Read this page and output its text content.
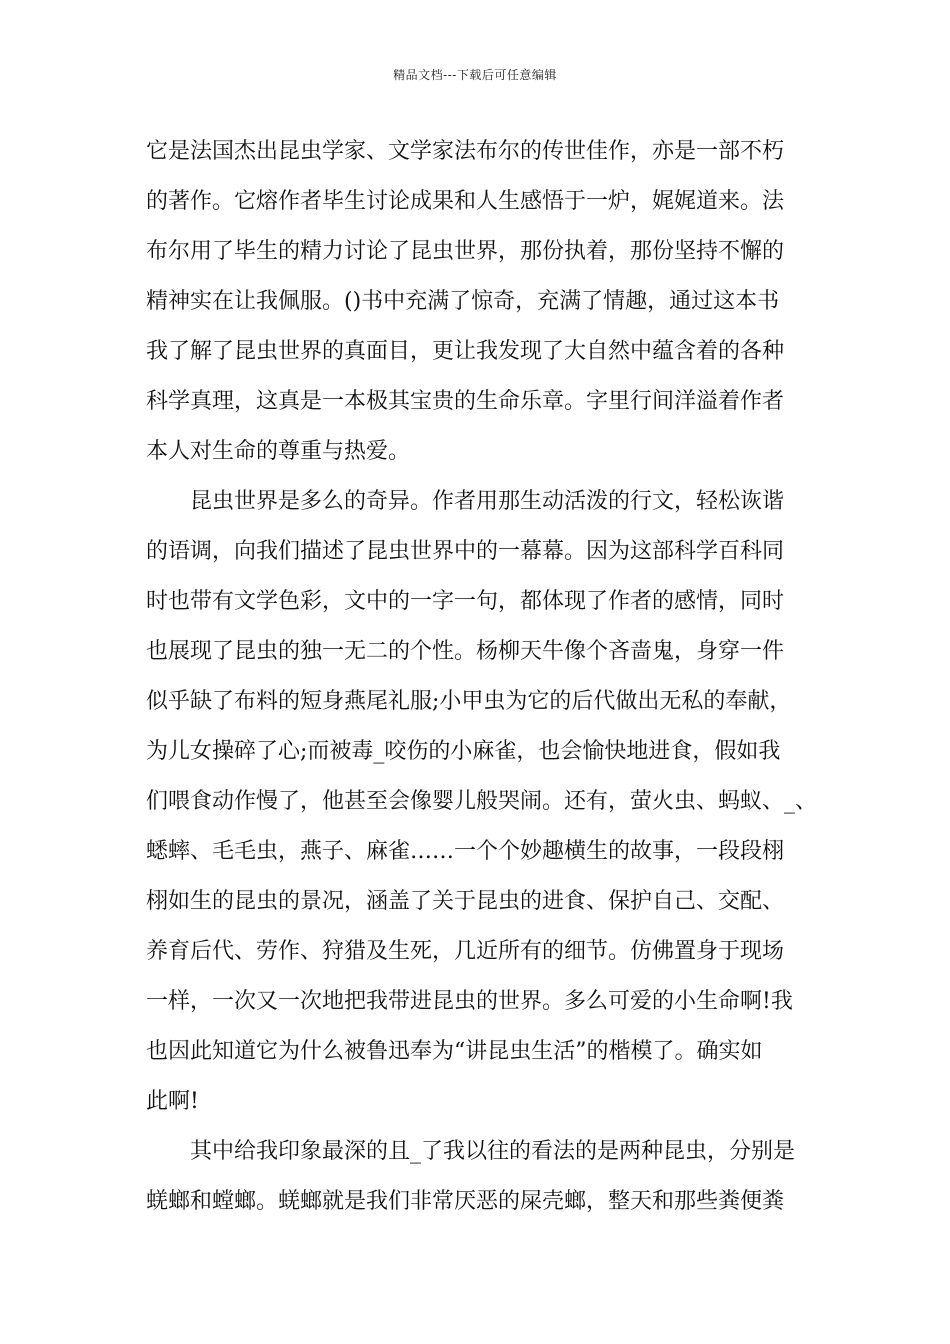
精品文档---下载后可任意编辑
它是法国杰出昆虫学家、文学家法布尔的传世佳作，亦是一部不朽
的著作。它熔作者毕生讨论成果和人生感悟于一炉，娓娓道来。法
布尔用了毕生的精力讨论了昆虫世界，那份执着，那份坚持不懈的
精神实在让我佩服。()书中充满了惊奇，充满了情趣，通过这本书
我了解了昆虫世界的真面目，更让我发现了大自然中蕴含着的各种
科学真理，这真是一本极其宝贵的生命乐章。字里行间洋溢着作者
本人对生命的尊重与热爱。
　　昆虫世界是多么的奇异。作者用那生动活泼的行文，轻松诙谐
的语调，向我们描述了昆虫世界中的一幕幕。因为这部科学百科同
时也带有文学色彩，文中的一字一句，都体现了作者的感情，同时
也展现了昆虫的独一无二的个性。杨柳天牛像个吝啬鬼，身穿一件
似乎缺了布料的短身燕尾礼服;小甲虫为它的后代做出无私的奉献，
为儿女操碎了心;而被毒_咬伤的小麻雀，也会愉快地进食，假如我
们喂食动作慢了，他甚至会像婴儿般哭闹。还有，萤火虫、蚂蚁、_、
蟋蟀、毛毛虫，燕子、麻雀……一个个妙趣横生的故事，一段段栩
栩如生的昆虫的景况，涵盖了关于昆虫的进食、保护自己、交配、
养育后代、劳作、狩猎及生死，几近所有的细节。仿佛置身于现场
一样，一次又一次地把我带进昆虫的世界。多么可爱的小生命啊!我
也因此知道它为什么被鲁迅奉为“讲昆虫生活”的楷模了。确实如
此啊!
　　其中给我印象最深的且_了我以往的看法的是两种昆虫，分别是
蜣螂和螳螂。蜣螂就是我们非常厌恶的屎壳螂，整天和那些粪便粪
